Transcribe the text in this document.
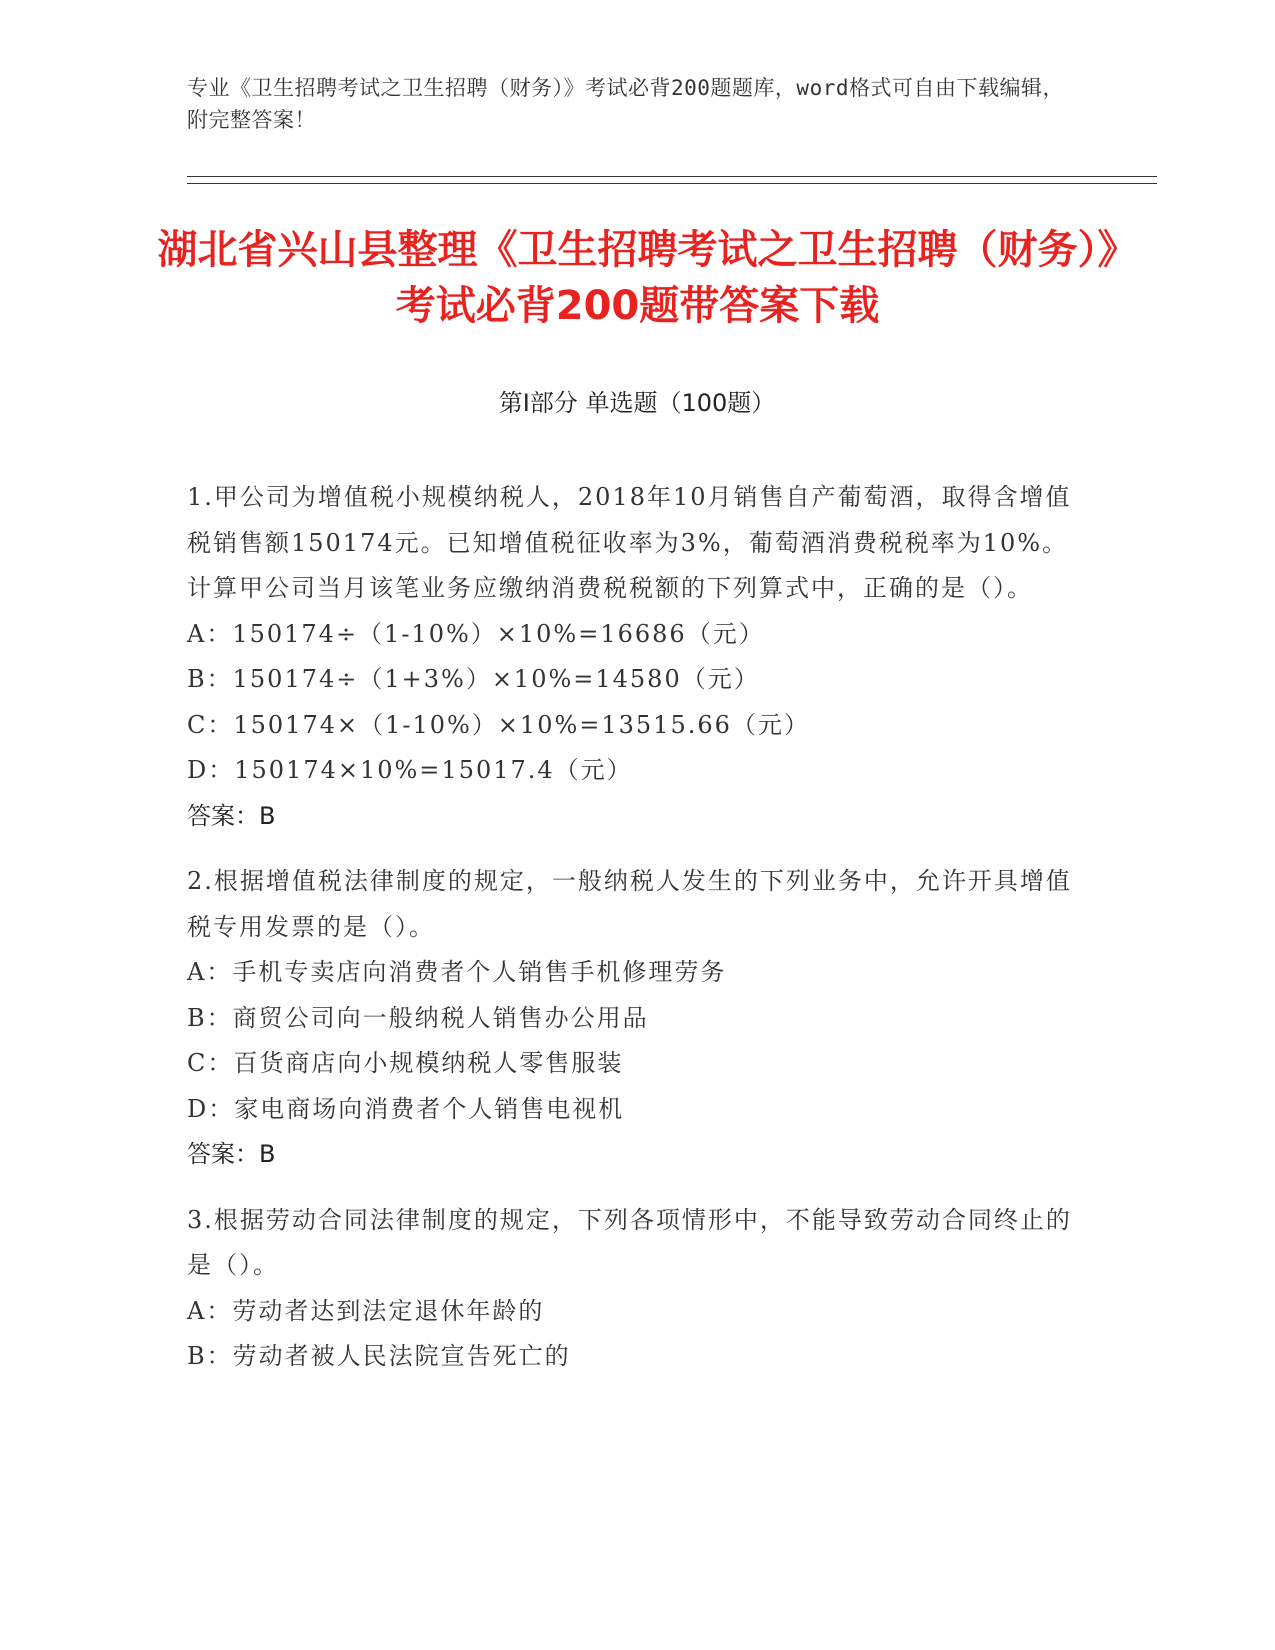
专业《卫生招聘考试之卫生招聘（财务）》考试必背200题题库，word格式可自由下载编辑，附完整答案！
湖北省兴山县整理《卫生招聘考试之卫生招聘（财务）》考试必背200题带答案下载
第I部分 单选题（100题）
1.甲公司为增值税小规模纳税人，2018年10月销售自产葡萄酒，取得含增值税销售额150174元。已知增值税征收率为3%，葡萄酒消费税税率为10%。计算甲公司当月该笔业务应缴纳消费税税额的下列算式中，正确的是（）。
A：150174÷（1-10%）×10%=16686（元）
B：150174÷（1+3%）×10%=14580（元）
C：150174×（1-10%）×10%=13515.66（元）
D：150174×10%=15017.4（元）
答案：B
2.根据增值税法律制度的规定，一般纳税人发生的下列业务中，允许开具增值税专用发票的是（）。
A：手机专卖店向消费者个人销售手机修理劳务
B：商贸公司向一般纳税人销售办公用品
C：百货商店向小规模纳税人零售服装
D：家电商场向消费者个人销售电视机
答案：B
3.根据劳动合同法律制度的规定，下列各项情形中，不能导致劳动合同终止的是（）。
A：劳动者达到法定退休年龄的
B：劳动者被人民法院宣告死亡的
